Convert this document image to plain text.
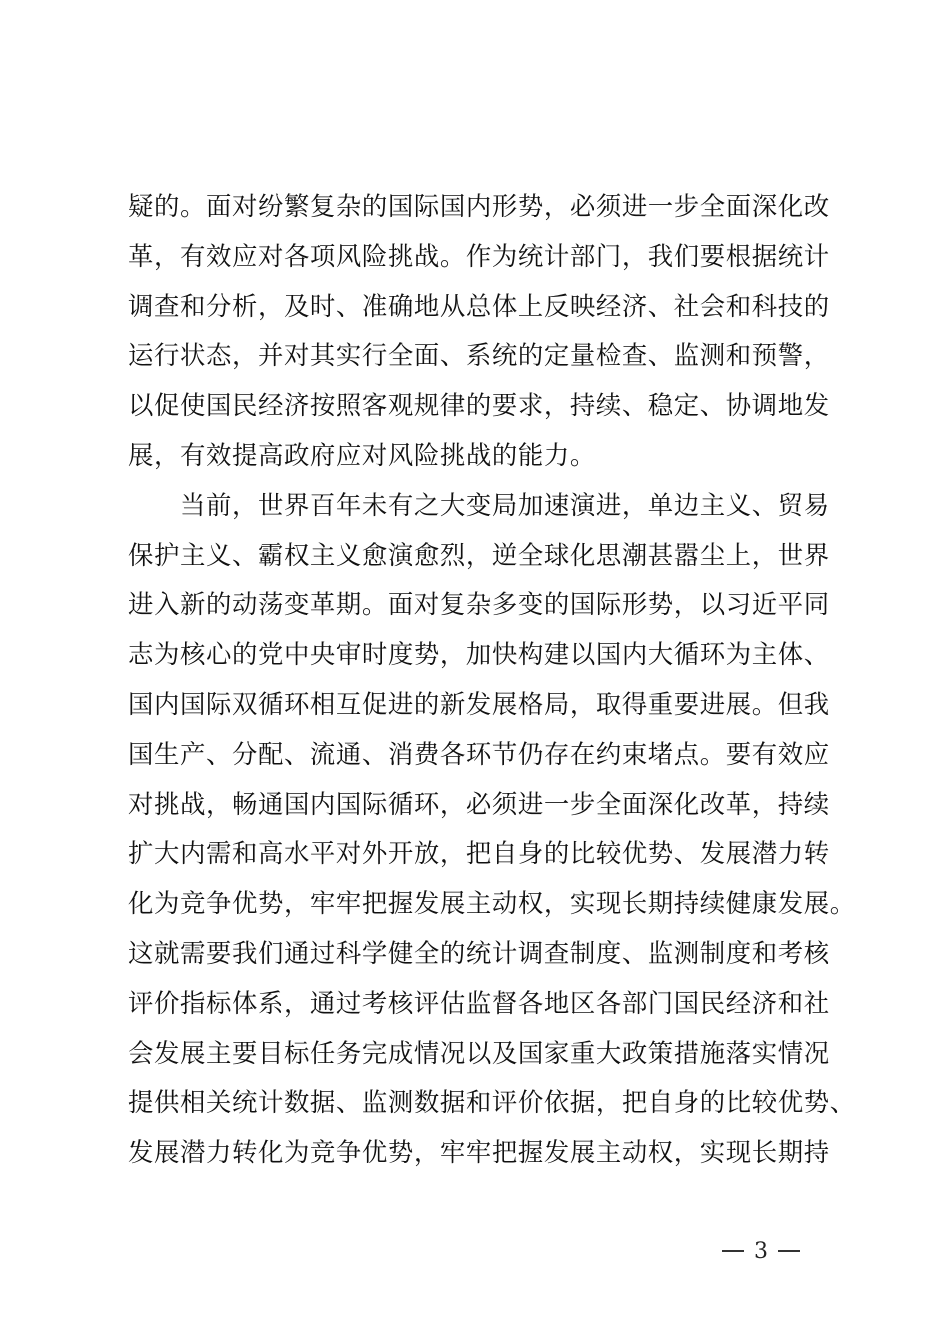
疑的。面对纷繁复杂的国际国内形势，必须进一步全面深化改
革，有效应对各项风险挑战。作为统计部门，我们要根据统计
调查和分析，及时、准确地从总体上反映经济、社会和科技的
运行状态，并对其实行全面、系统的定量检查、监测和预警，
以促使国民经济按照客观规律的要求，持续、稳定、协调地发
展，有效提高政府应对风险挑战的能力。
　　当前，世界百年未有之大变局加速演进，单边主义、贸易
保护主义、霸权主义愈演愈烈，逆全球化思潮甚嚣尘上，世界
进入新的动荡变革期。面对复杂多变的国际形势，以习近平同
志为核心的党中央审时度势，加快构建以国内大循环为主体、
国内国际双循环相互促进的新发展格局，取得重要进展。但我
国生产、分配、流通、消费各环节仍存在约束堵点。要有效应
对挑战，畅通国内国际循环，必须进一步全面深化改革，持续
扩大内需和高水平对外开放，把自身的比较优势、发展潜力转
化为竞争优势，牢牢把握发展主动权，实现长期持续健康发展。
这就需要我们通过科学健全的统计调查制度、监测制度和考核
评价指标体系，通过考核评估监督各地区各部门国民经济和社
会发展主要目标任务完成情况以及国家重大政策措施落实情况
提供相关统计数据、监测数据和评价依据，把自身的比较优势、
发展潜力转化为竞争优势，牢牢把握发展主动权，实现长期持
3
